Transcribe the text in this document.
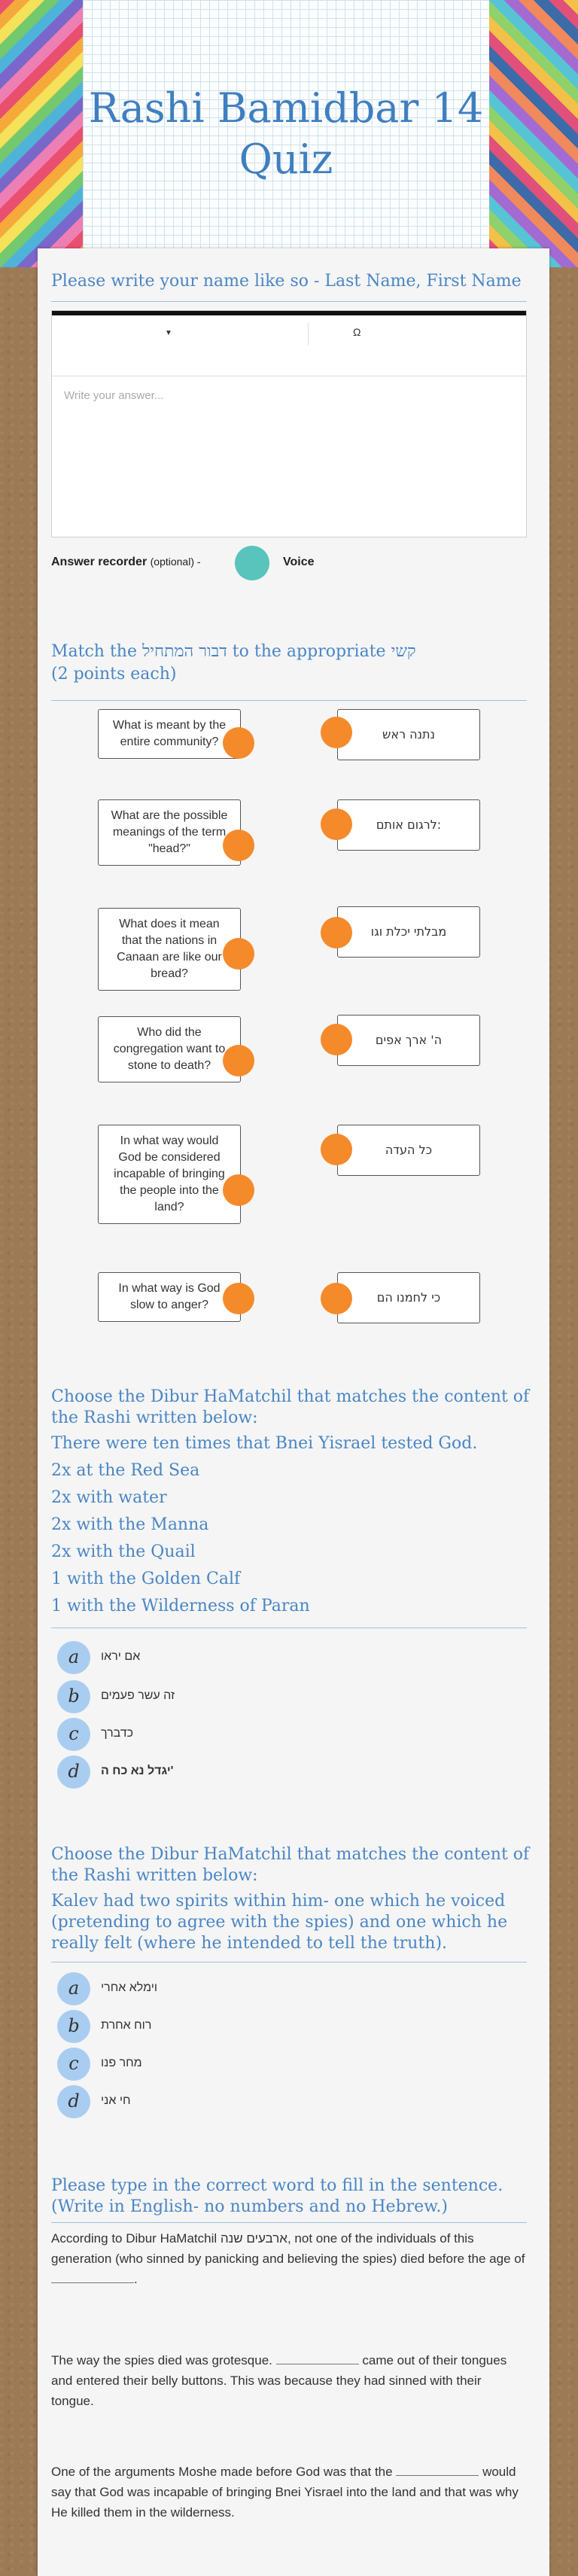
Rashi Bamidbar 14 Quiz
Please write your name like so - Last Name, First Name
▼	Ω
Write your answer...
Answer recorder (optional) -	Voice
Match the דבור המתחיל to the appropriate קשי
(2 points each)
What is meant by the entire community?
נתנה ראש
What are the possible meanings of the term "head?"
לרגום אותם:
What does it mean that the nations in Canaan are like our bread?
מבלתי יכלת וגו
Who did the congregation want to stone to death?
ה' ארך אפים
In what way would God be considered incapable of bringing the people into the land?
כל העדה
In what way is God slow to anger?
כי לחמנו הם
Choose the Dibur HaMatchil that matches the content of the Rashi written below:
There were ten times that Bnei Yisrael tested God.
2x at the Red Sea
2x with water
2x with the Manna
2x with the Quail
1 with the Golden Calf
1 with the Wilderness of Paran
a	אם יראו
b	זה עשר פעמים
c	כדברך
d	יגדל נא כח ה'
Choose the Dibur HaMatchil that matches the content of the Rashi written below:
Kalev had two spirits within him- one which he voiced (pretending to agree with the spies) and one which he really felt (where he intended to tell the truth).
a	וימלא אחרי
b	רוח אחרת
c	מחר פנו
d	חי אני
Please type in the correct word to fill in the sentence. (Write in English- no numbers and no Hebrew.)
According to Dibur HaMatchil ארבעים שנה, not one of the individuals of this generation (who sinned by panicking and believing the spies) died before the age of .
The way the spies died was grotesque.	came out of their tongues and entered their belly buttons. This was because they had sinned with their tongue.
One of the arguments Moshe made before God was that the	would say that God was incapable of bringing Bnei Yisrael into the land and that was why He killed them in the wilderness.
